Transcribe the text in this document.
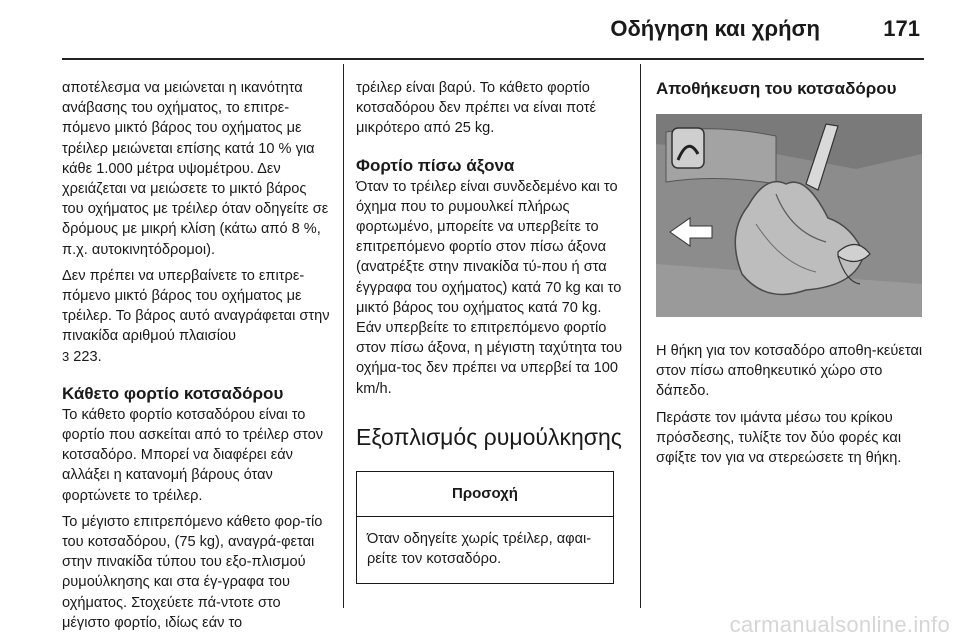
Οδήγηση και χρήση	171

αποτέλεσμα να μειώνεται η ικανότητα ανάβασης του οχήματος, το επιτρε-πόμενο μικτό βάρος του οχήματος με τρέιλερ μειώνεται επίσης κατά 10 % για κάθε 1.000 μέτρα υψομέτρου. Δεν χρειάζεται να μειώσετε το μικτό βάρος του οχήματος με τρέιλερ όταν οδηγείτε σε δρόμους με μικρή κλίση (κάτω από 8 %, π.χ. αυτοκινητόδρομοι).

Δεν πρέπει να υπερβαίνετε το επιτρε-πόμενο μικτό βάρος του οχήματος με τρέιλερ. Το βάρος αυτό αναγράφεται στην πινακίδα αριθμού πλαισίου
3 223.

Κάθετο φορτίο κοτσαδόρου

Το κάθετο φορτίο κοτσαδόρου είναι το φορτίο που ασκείται από το τρέιλερ στον κοτσαδόρο. Μπορεί να διαφέρει εάν αλλάξει η κατανομή βάρους όταν φορτώνετε το τρέιλερ.

Το μέγιστο επιτρεπόμενο κάθετο φορ-τίο του κοτσαδόρου, (75 kg), αναγρά-φεται στην πινακίδα τύπου του εξο-πλισμού ρυμούλκησης και στα έγ-γραφα του οχήματος. Στοχεύετε πά-ντοτε στο μέγιστο φορτίο, ιδίως εάν το

τρέιλερ είναι βαρύ. Το κάθετο φορτίο κοτσαδόρου δεν πρέπει να είναι ποτέ μικρότερο από 25 kg.

Φορτίο πίσω άξονα

Όταν το τρέιλερ είναι συνδεδεμένο και το όχημα που το ρυμουλκεί πλήρως φορτωμένο, μπορείτε να υπερβείτε το επιτρεπόμενο φορτίο στον πίσω άξονα (ανατρέξτε στην πινακίδα τύ-που ή στα έγγραφα του οχήματος) κατά 70 kg και το μικτό βάρος του οχήματος κατά 70 kg. Εάν υπερβείτε το επιτρεπόμενο φορτίο στον πίσω άξονα, η μέγιστη ταχύτητα του οχήμα-τος δεν πρέπει να υπερβεί τα 100 km/h.

Εξοπλισμός ρυμούλκησης
Προσοχή
Όταν οδηγείτε χωρίς τρέιλερ, αφαι-ρείτε τον κοτσαδόρο.
Αποθήκευση του κοτσαδόρου

Η θήκη για τον κοτσαδόρο αποθη-κεύεται στον πίσω αποθηκευτικό χώρο στο δάπεδο.

Περάστε τον ιμάντα μέσω του κρίκου πρόσδεσης, τυλίξτε τον δύο φορές και σφίξτε τον για να στερεώσετε τη θήκη.

carmanualsonline.info
